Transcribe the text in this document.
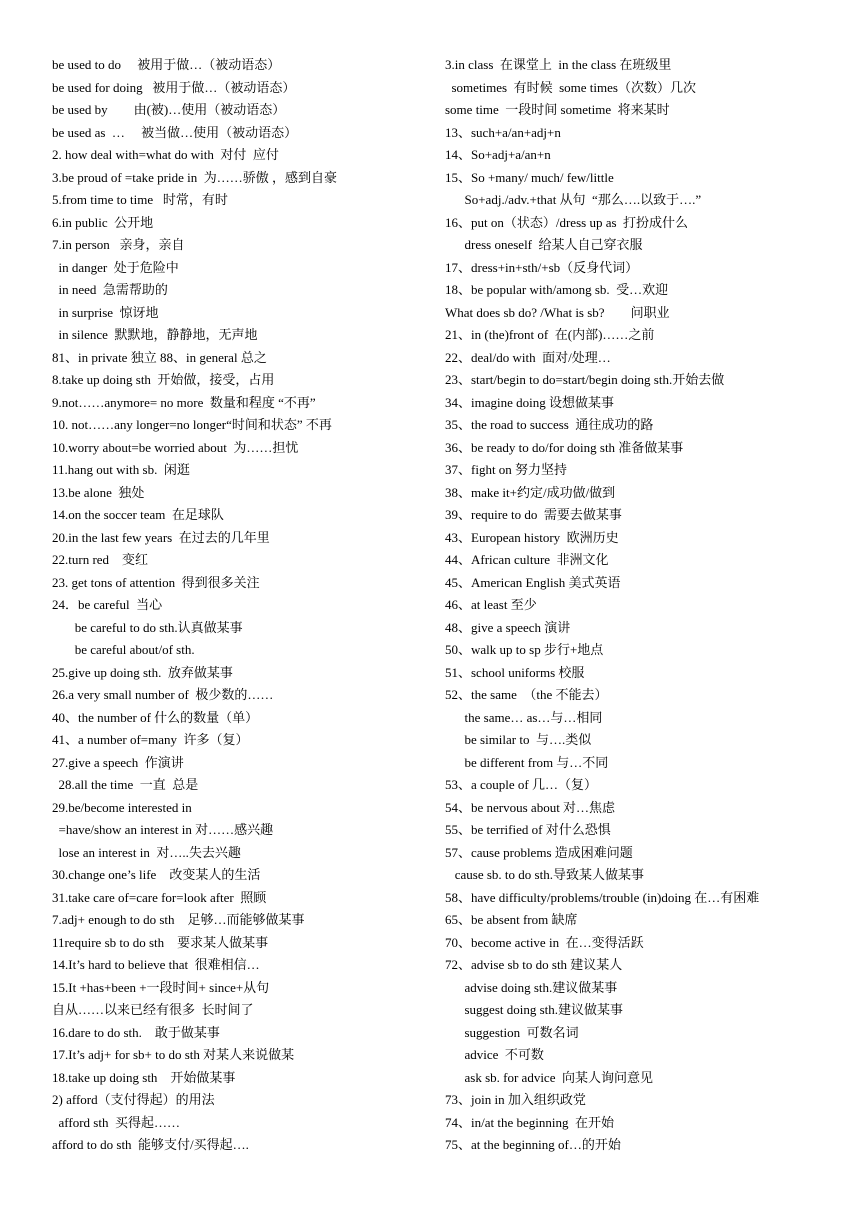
be used to do     被用于做…（被动语态）
be used for doing   被用于做…（被动语态）
be used by        由(被)…使用（被动语态）
be used as  …     被当做…使用（被动语态）
2. how deal with=what do with  对付  应付
3.be proud of =take pride in  为……骄傲 ，感到自豪
5.from time to time   时常，有时
6.in public  公开地
7.in person   亲身，亲自
in danger  处于危险中
in need  急需帮助的
in surprise  惊讶地
in silence  默默地，静静地，无声地
81、in private 独立 88、in general 总之
8.take up doing sth  开始做，接受，占用
9.not……anymore= no more  数量和程度 “不再”
10. not……any longer=no longer“时间和状态” 不再
10.worry about=be worried about  为……担忧
11.hang out with sb.  闲逛
13.be alone  独处
14.on the soccer team  在足球队
20.in the last few years  在过去的几年里
22.turn red    变红
23. get tons of attention  得到很多关注
24．be careful  当心
be careful to do sth.认真做某事
be careful about/of sth.
25.give up doing sth.  放弃做某事
26.a very small number of  极少数的……
40、the number of 什么的数量（单）
41、a number of=many  许多（复）
27.give a speech  作演讲
28.all the time  一直  总是
29.be/become interested in
=have/show an interest in 对……感兴趣
lose an interest in  对…..失去兴趣
30.change one’s life    改变某人的生活
31.take care of=care for=look after  照顾
7.adj+ enough to do sth    足够…而能够做某事
11require sb to do sth    要求某人做某事
14.It’s hard to believe that  很难相信…
15.It +has+been +一段时间+ since+从句
自从……以来已经有很多  长时间了
16.dare to do sth.    敢于做某事
17.It’s adj+ for sb+ to do sth 对某人来说做某
18.take up doing sth    开始做某事
2) afford（支付得起）的用法
afford sth  买得起……
afford to do sth  能够支付/买得起….
3.in class  在课堂上  in the class 在班级里
sometimes  有时候  some times（次数）几次
some time  一段时间 sometime  将来某时
13、such+a/an+adj+n
14、So+adj+a/an+n
15、So +many/ much/ few/little
So+adj./adv.+that 从句  “那么….以致于….”
16、put on（状态）/dress up as  打扮成什么
dress oneself  给某人自己穿衣服
17、dress+in+sth/+sb（反身代词）
18、be popular with/among sb.  受…欢迎
What does sb do? /What is sb?        问职业
21、in (the)front of  在(内部)……之前
22、deal/do with  面对/处理…
23、start/begin to do=start/begin doing sth.开始去做
34、imagine doing 设想做某事
35、the road to success  通往成功的路
36、be ready to do/for doing sth 准备做某事
37、fight on 努力坚持
38、make it+约定/成功做/做到
39、require to do  需要去做某事
43、European history  欧洲历史
44、African culture  非洲文化
45、American English 美式英语
46、at least 至少
48、give a speech 演讲
50、walk up to sp 步行+地点
51、school uniforms 校服
52、the same  （the 不能去）
the same… as…与…相同
be similar to  与….类似
be different from 与…不同
53、a couple of 几…（复）
54、be nervous about 对…焦虑
55、be terrified of 对什么恐惧
57、cause problems 造成困难问题
cause sb. to do sth.导致某人做某事
58、have difficulty/problems/trouble (in)doing 在…有困难
65、be absent from 缺席
70、become active in  在…变得活跃
72、advise sb to do sth 建议某人
advise doing sth.建议做某事
suggest doing sth.建议做某事
suggestion  可数名词
advice  不可数
ask sb. for advice  向某人询问意见
73、join in 加入组织政党
74、in/at the beginning  在开始
75、at the beginning of…的开始
